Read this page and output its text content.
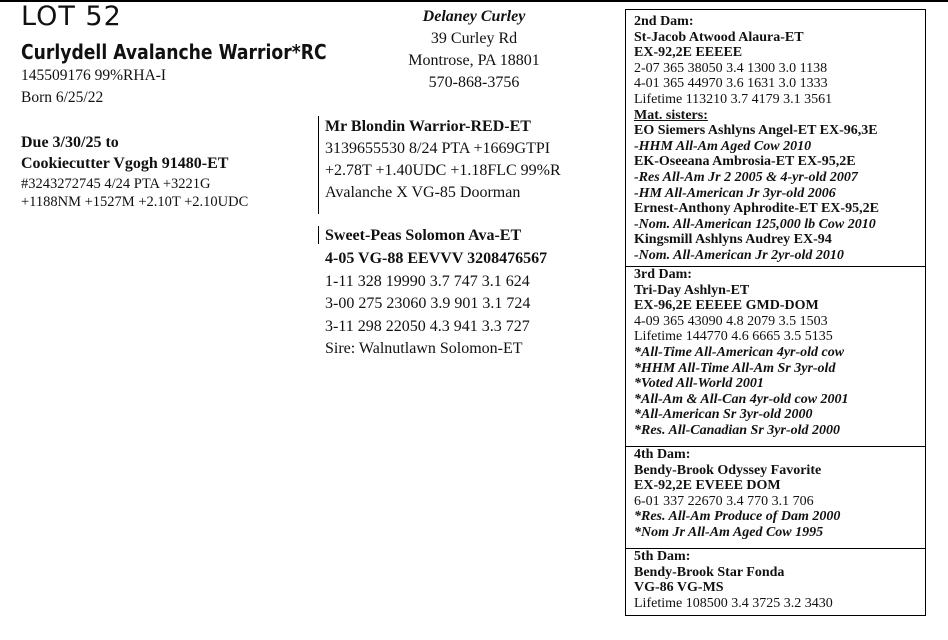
LOT 52
Curlydell Avalanche Warrior*RC
145509176 99%RHA-I
Born 6/25/22
Due 3/30/25 to
Cookiecutter Vgogh 91480-ET
#3243272745 4/24 PTA +3221G
+1188NM +1527M +2.10T +2.10UDC
Delaney Curley
39 Curley Rd
Montrose, PA 18801
570-868-3756
Mr Blondin Warrior-RED-ET
3139655530 8/24 PTA +1669GTPI
+2.78T +1.40UDC +1.18FLC 99%R
Avalanche X VG-85 Doorman
Sweet-Peas Solomon Ava-ET
4-05 VG-88 EEVVV 3208476567
1-11 328 19990 3.7 747 3.1 624
3-00 275 23060 3.9 901 3.1 724
3-11 298 22050 4.3 941 3.3 727
Sire: Walnutlawn Solomon-ET
2nd Dam:
St-Jacob Atwood Alaura-ET
EX-92,2E EEEEE
2-07 365 38050 3.4 1300 3.0 1138
4-01 365 44970 3.6 1631 3.0 1333
Lifetime 113210 3.7 4179 3.1 3561
Mat. sisters:
EO Siemers Ashlyns Angel-ET EX-96,3E
-HHM All-Am Aged Cow 2010
EK-Oseeana Ambrosia-ET EX-95,2E
-Res All-Am Jr 2 2005 & 4-yr-old 2007
-HM All-American Jr 3yr-old 2006
Ernest-Anthony Aphrodite-ET EX-95,2E
-Nom. All-American 125,000 lb Cow 2010
Kingsmill Ashlyns Audrey EX-94
-Nom. All-American Jr 2yr-old 2010
3rd Dam:
Tri-Day Ashlyn-ET
EX-96,2E EEEEE GMD-DOM
4-09 365 43090 4.8 2079 3.5 1503
Lifetime 144770 4.6 6665 3.5 5135
*All-Time All-American 4yr-old cow
*HHM All-Time All-Am Sr 3yr-old
*Voted All-World 2001
*All-Am & All-Can 4yr-old cow 2001
*All-American Sr 3yr-old 2000
*Res. All-Canadian Sr 3yr-old 2000
4th Dam:
Bendy-Brook Odyssey Favorite
EX-92,2E EVEEE DOM
6-01 337 22670 3.4 770 3.1 706
*Res. All-Am Produce of Dam 2000
*Nom Jr All-Am Aged Cow 1995
5th Dam:
Bendy-Brook Star Fonda
VG-86 VG-MS
Lifetime 108500 3.4 3725 3.2 3430
